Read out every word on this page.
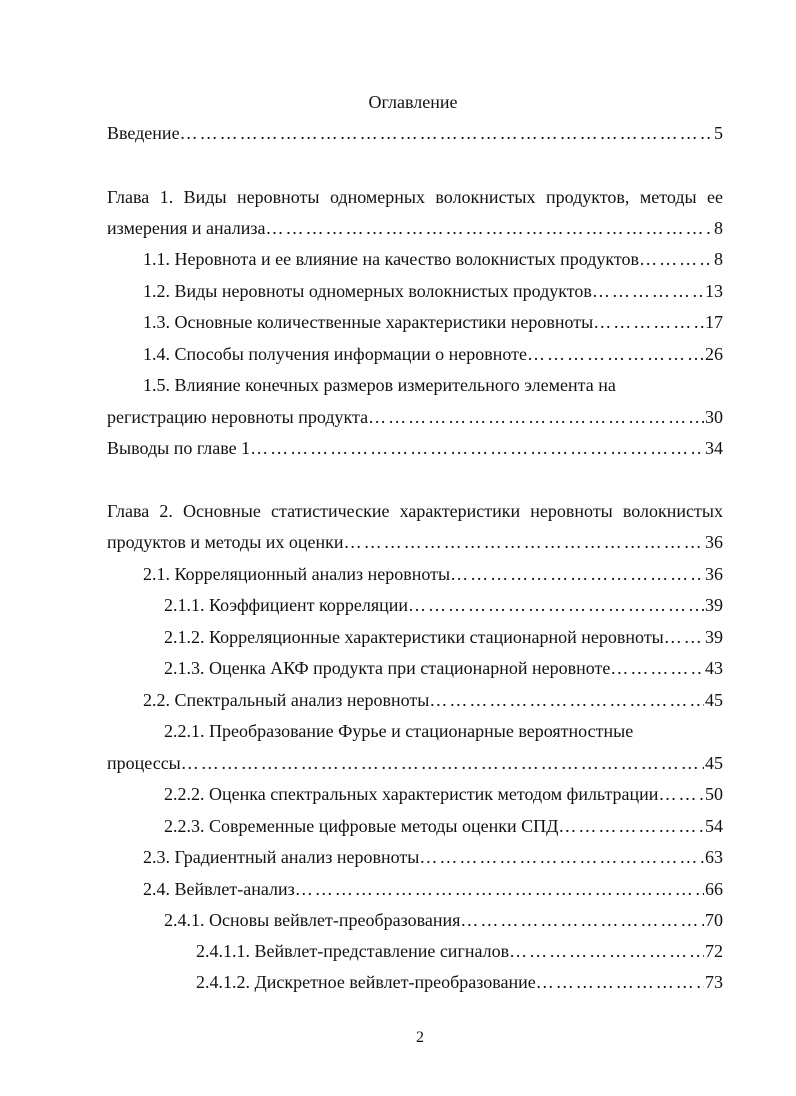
Оглавление
Введение …………………………………………………………………………………………………………………………………………………	5
Глава 1. Виды неровноты одномерных волокнистых продуктов, методы ее
измерения и анализа …………………………………………………………………………………………………………………………………………………	8
1.1. Неровнота и ее влияние на качество волокнистых продуктов …………………………………………………………………………………………………………………………………………………	8
1.2. Виды неровноты одномерных волокнистых продуктов …………………………………………………………………………………………………………………………………………………	13
1.3. Основные количественные характеристики неровноты …………………………………………………………………………………………………………………………………………………	17
1.4. Способы получения информации о неровноте …………………………………………………………………………………………………………………………………………………	26
1.5. Влияние конечных размеров измерительного элемента на
регистрацию неровноты продукта …………………………………………………………………………………………………………………………………………………	30
Выводы по главе 1 …………………………………………………………………………………………………………………………………………………	34
Глава 2. Основные статистические характеристики неровноты волокнистых
продуктов и методы их оценки …………………………………………………………………………………………………………………………………………………	36
2.1. Корреляционный анализ неровноты …………………………………………………………………………………………………………………………………………………	36
2.1.1. Коэффициент корреляции …………………………………………………………………………………………………………………………………………………	39
2.1.2. Корреляционные характеристики стационарной неровноты ………………………………………………………………………………………………………………………………………………… 39
2.1.3. Оценка АКФ продукта при стационарной неровноте …………………………………………………………………………………………………………………………………………………	43
2.2. Спектральный анализ неровноты …………………………………………………………………………………………………………………………………………………	45
2.2.1. Преобразование Фурье и стационарные вероятностные
процессы …………………………………………………………………………………………………………………………………………………	45
2.2.2. Оценка спектральных характеристик методом фильтрации …………………………………………………………………………………………………………………………………………………	50
2.2.3. Современные цифровые методы оценки СПД …………………………………………………………………………………………………………………………………………………	54
2.3. Градиентный анализ неровноты …………………………………………………………………………………………………………………………………………………	63
2.4. Вейвлет-анализ …………………………………………………………………………………………………………………………………………………	66
2.4.1. Основы вейвлет-преобразования …………………………………………………………………………………………………………………………………………………	70
2.4.1.1. Вейвлет-представление сигналов …………………………………………………………………………………………………………………………………………………	72
2.4.1.2. Дискретное вейвлет-преобразование …………………………………………………………………………………………………………………………………………………	73
2
